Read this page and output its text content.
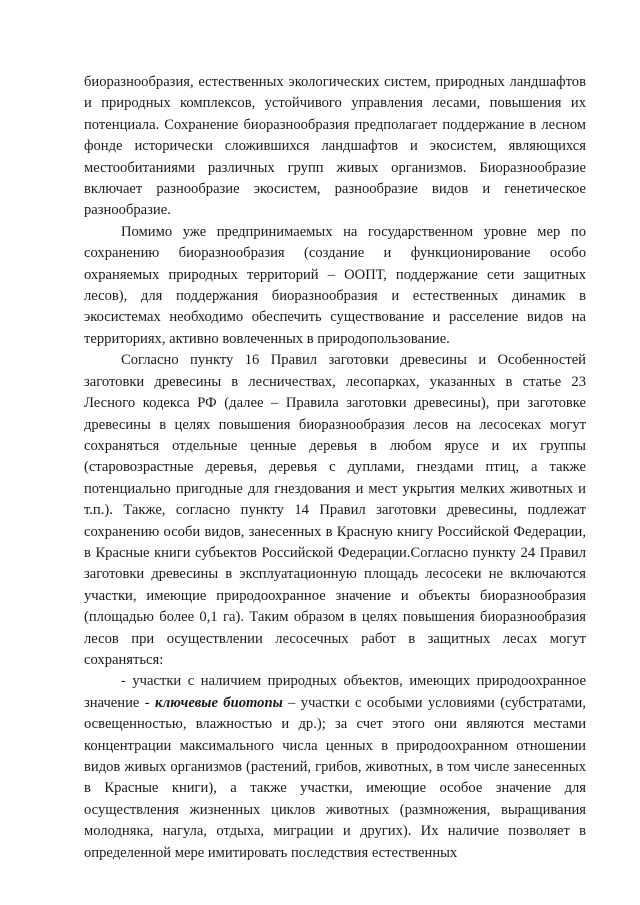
биоразнообразия, естественных экологических систем, природных ландшафтов и природных комплексов, устойчивого управления лесами, повышения их потенциала. Сохранение биоразнообразия предполагает поддержание в лесном фонде исторически сложившихся ландшафтов и экосистем, являющихся местообитаниями различных групп живых организмов. Биоразнообразие включает разнообразие экосистем, разнообразие видов и генетическое разнообразие.

Помимо уже предпринимаемых на государственном уровне мер по сохранению биоразнообразия (создание и функционирование особо охраняемых природных территорий – ООПТ, поддержание сети защитных лесов), для поддержания биоразнообразия и естественных динамик в экосистемах необходимо обеспечить существование и расселение видов на территориях, активно вовлеченных в природопользование.

Согласно пункту 16 Правил заготовки древесины и Особенностей заготовки древесины в лесничествах, лесопарках, указанных в статье 23 Лесного кодекса РФ (далее – Правила заготовки древесины), при заготовке древесины в целях повышения биоразнообразия лесов на лесосеках могут сохраняться отдельные ценные деревья в любом ярусе и их группы (старовозрастные деревья, деревья с дуплами, гнездами птиц, а также потенциально пригодные для гнездования и мест укрытия мелких животных и т.п.). Также, согласно пункту 14 Правил заготовки древесины, подлежат сохранению особи видов, занесенных в Красную книгу Российской Федерации, в Красные книги субъектов Российской Федерации.Согласно пункту 24 Правил заготовки древесины в эксплуатационную площадь лесосеки не включаются участки, имеющие природоохранное значение и объекты биоразнообразия (площадью более 0,1 га). Таким образом в целях повышения биоразнообразия лесов при осуществлении лесосечных работ в защитных лесах могут сохраняться:

- участки с наличием природных объектов, имеющих природоохранное значение - ключевые биотопы – участки с особыми условиями (субстратами, освещенностью, влажностью и др.); за счет этого они являются местами концентрации максимального числа ценных в природоохранном отношении видов живых организмов (растений, грибов, животных, в том числе занесенных в Красные книги), а также участки, имеющие особое значение для осуществления жизненных циклов животных (размножения, выращивания молодняка, нагула, отдыха, миграции и других). Их наличие позволяет в определенной мере имитировать последствия естественных
